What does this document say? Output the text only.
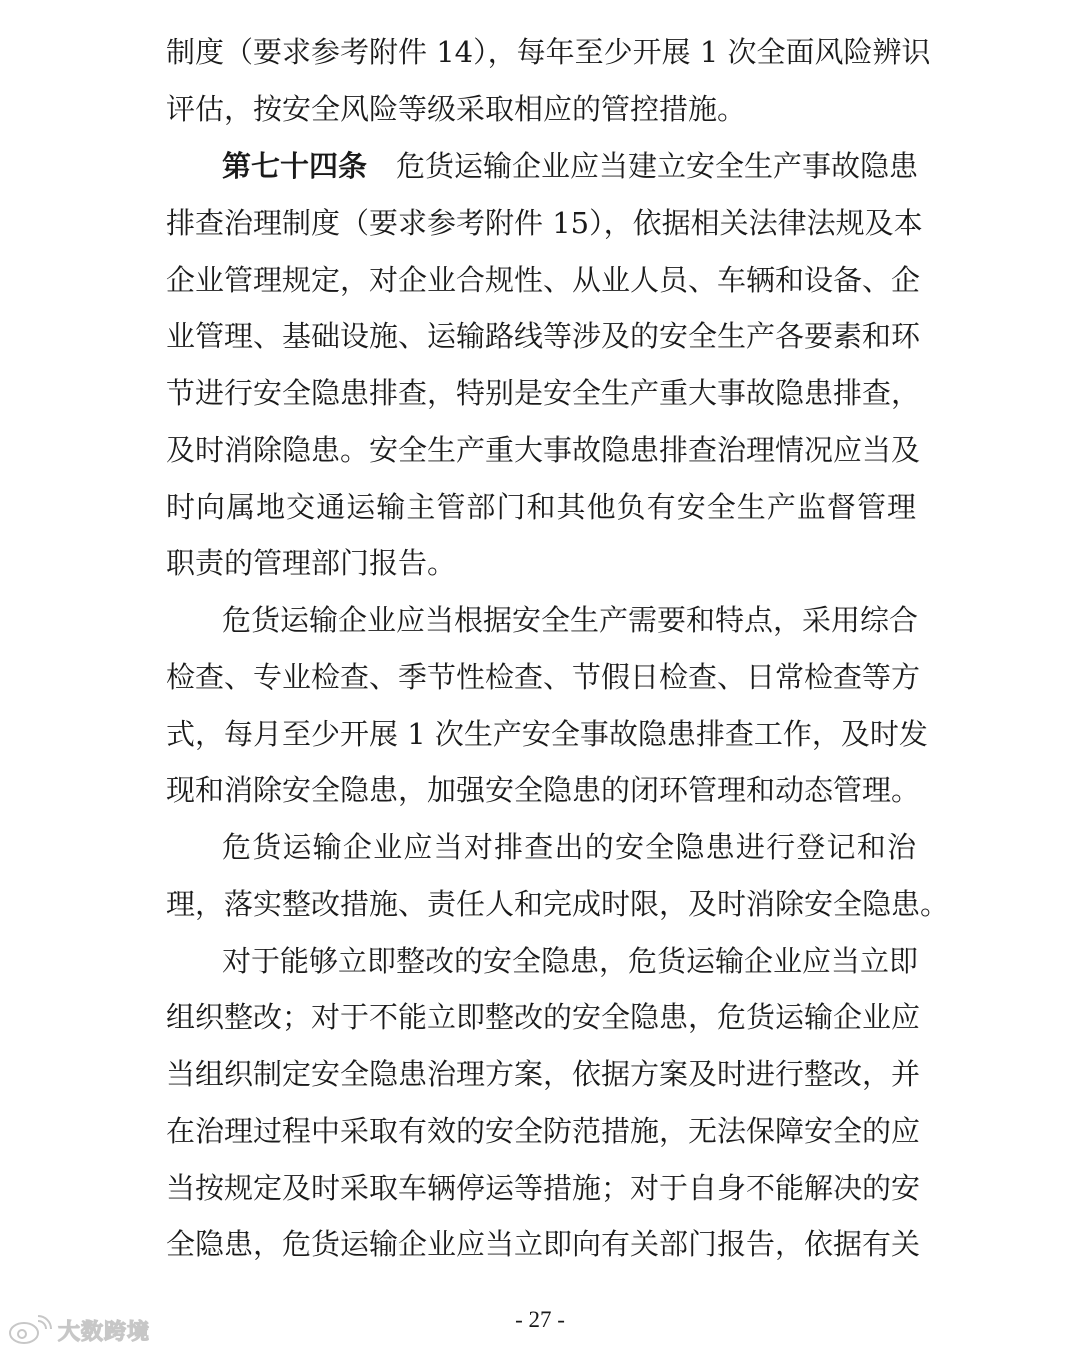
制度（要求参考附件 14），每年至少开展 1 次全面风险辨识
评估，按安全风险等级采取相应的管控措施。
第七十四条　 危货运输企业应当建立安全生产事故隐患
排查治理制度（要求参考附件 15），依据相关法律法规及本
企业管理规定，对企业合规性、从业人员、车辆和设备、企
业管理、基础设施、运输路线等涉及的安全生产各要素和环
节进行安全隐患排查，特别是安全生产重大事故隐患排查，
及时消除隐患。安全生产重大事故隐患排查治理情况应当及
时向属地交通运输主管部门和其他负有安全生产监督管理
职责的管理部门报告。
危货运输企业应当根据安全生产需要和特点，采用综合
检查、专业检查、季节性检查、节假日检查、日常检查等方
式，每月至少开展 1 次生产安全事故隐患排查工作，及时发
现和消除安全隐患，加强安全隐患的闭环管理和动态管理。
危货运输企业应当对排查出的安全隐患进行登记和治
理，落实整改措施、责任人和完成时限，及时消除安全隐患。
对于能够立即整改的安全隐患，危货运输企业应当立即
组织整改；对于不能立即整改的安全隐患，危货运输企业应
当组织制定安全隐患治理方案，依据方案及时进行整改，并
在治理过程中采取有效的安全防范措施，无法保障安全的应
当按规定及时采取车辆停运等措施；对于自身不能解决的安
全隐患，危货运输企业应当立即向有关部门报告，依据有关
- 27 -
大数跨境
